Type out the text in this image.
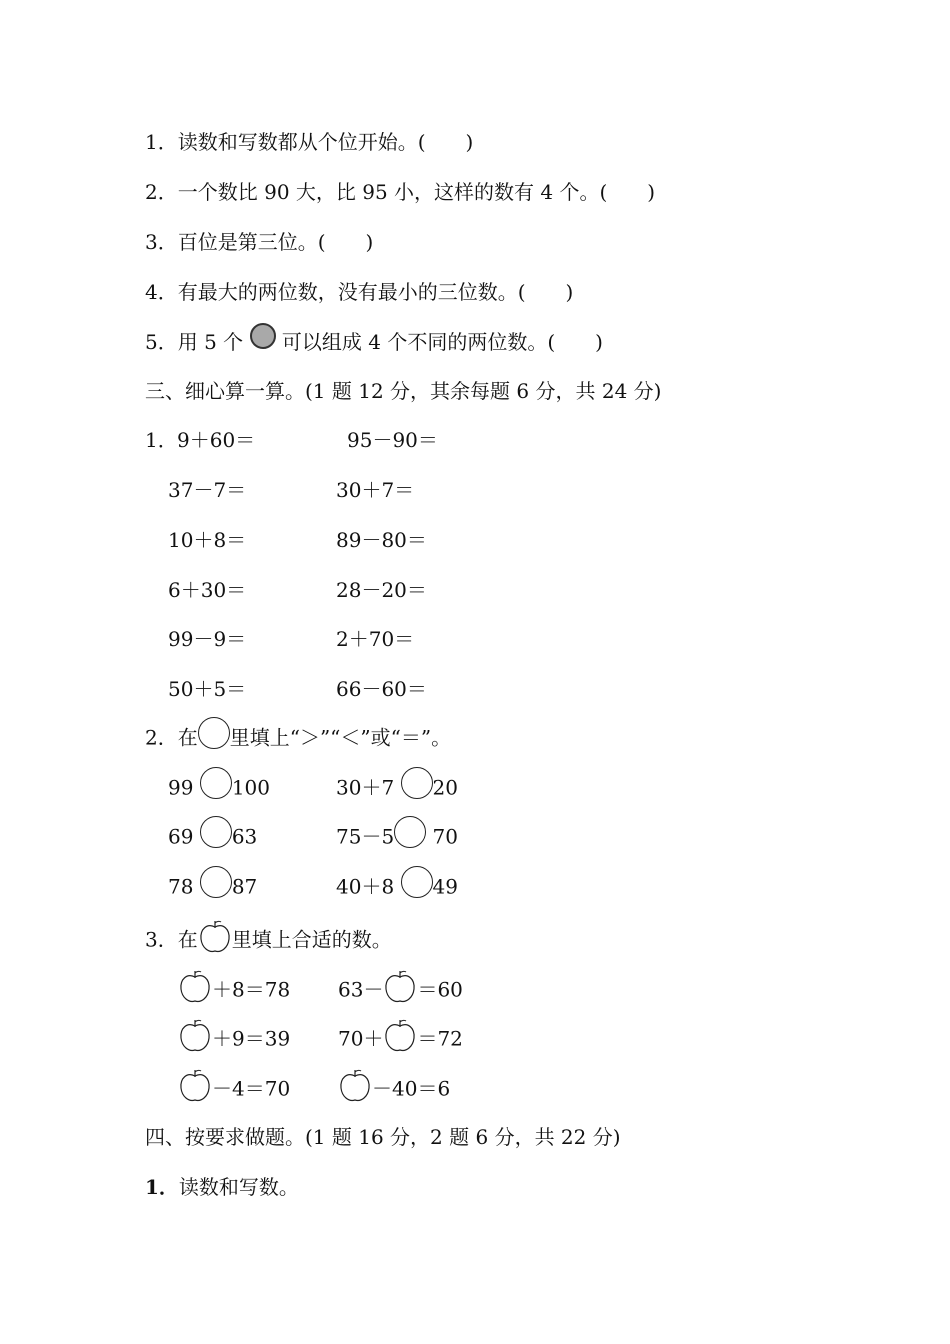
1．读数和写数都从个位开始。(　　)
2．一个数比 90 大，比 95 小，这样的数有 4 个。(　　)
3．百位是第三位。(　　)
4．有最大的两位数，没有最小的三位数。(　　)
5．用 5 个 可以组成 4 个不同的两位数。(　　)
三、细心算一算。(1 题 12 分，其余每题 6 分，共 24 分)
1． 9＋60＝	95－90＝
37－7＝	30＋7＝
10＋8＝	89－80＝
6＋30＝	28－20＝
99－9＝	2＋70＝
50＋5＝	66－60＝
2．在 里填上“＞”“＜”或“＝”。
99 100	30＋7 20
69 63	75－5 70
78 87	40＋8 49
3．在 里填上合适的数。
＋8＝78 63－ ＝60
＋9＝39 70＋ ＝72
－4＝70	－40＝6
四、按要求做题。(1 题 16 分，2 题 6 分，共 22 分)
1．读数和写数。
